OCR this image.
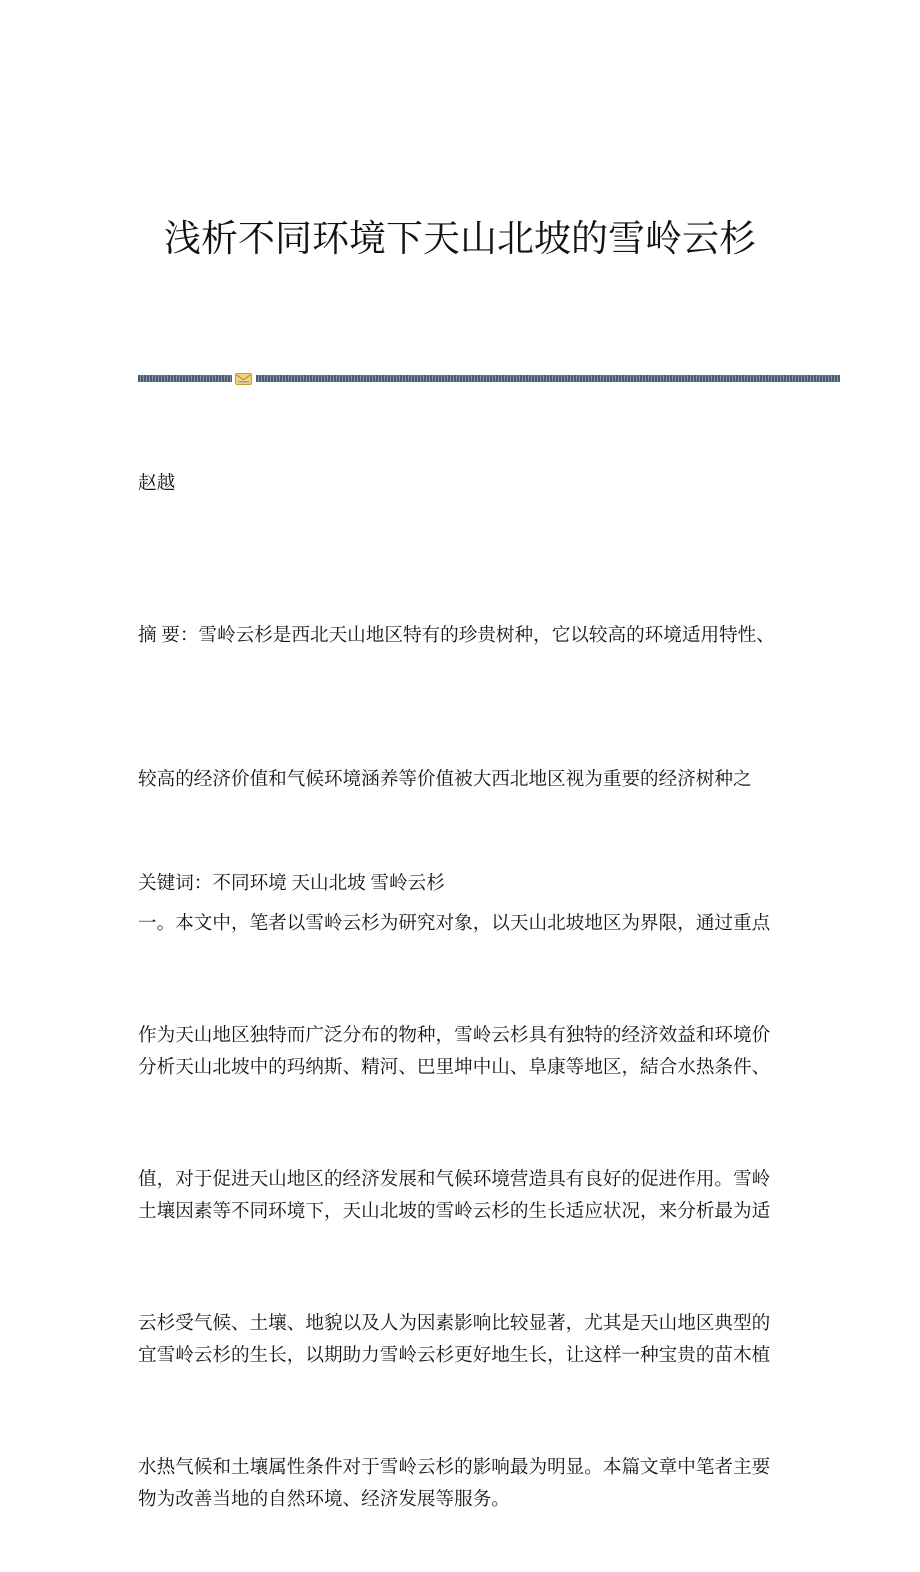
浅析不同环境下天山北坡的雪岭云杉
赵越

摘 要：雪岭云杉是西北天山地区特有的珍贵树种，它以较高的环境适用特性、

较高的经济价值和气候环境涵养等价值被大西北地区视为重要的经济树种之

一。本文中，笔者以雪岭云杉为研究对象，以天山北坡地区为界限，通过重点

分析天山北坡中的玛纳斯、精河、巴里坤中山、阜康等地区，結合水热条件、

土壤因素等不同环境下，天山北坡的雪岭云杉的生长适应状况，来分析最为适

宜雪岭云杉的生长，以期助力雪岭云杉更好地生长，让这样一种宝贵的苗木植

物为改善当地的自然环境、经济发展等服务。

关键词：不同环境 天山北坡 雪岭云杉

作为天山地区独特而广泛分布的物种，雪岭云杉具有独特的经济效益和环境价

值，对于促进天山地区的经济发展和气候环境营造具有良好的促进作用。雪岭

云杉受气候、土壤、地貌以及人为因素影响比较显著，尤其是天山地区典型的

水热气候和土壤属性条件对于雪岭云杉的影响最为明显。本篇文章中笔者主要
